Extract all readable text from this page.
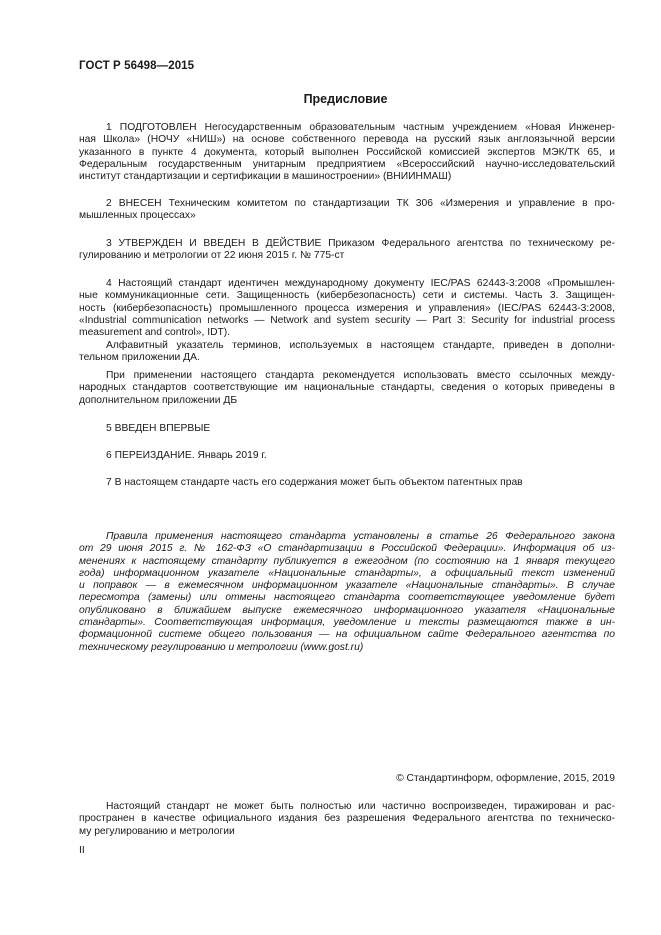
ГОСТ Р 56498—2015
Предисловие
1 ПОДГОТОВЛЕН Негосударственным образовательным частным учреждением «Новая Инженер-
ная Школа» (НОЧУ «НИШ») на основе собственного перевода на русский язык англоязычной версии
указанного в пункте 4 документа, который выполнен Российской комиссией экспертов МЭК/ТК 65, и
Федеральным государственным унитарным предприятием «Всероссийский научно-исследовательский
институт стандартизации и сертификации в машиностроении» (ВНИИНМАШ)
2 ВНЕСЕН Техническим комитетом по стандартизации ТК 306 «Измерения и управление в про-
мышленных процессах»
3 УТВЕРЖДЕН И ВВЕДЕН В ДЕЙСТВИЕ Приказом Федерального агентства по техническому ре-
гулированию и метрологии от 22 июня 2015 г. № 775-ст
4 Настоящий стандарт идентичен международному документу IEC/PAS 62443-3:2008 «Промышлен-
ные коммуникационные сети. Защищенность (кибербезопасность) сети и системы. Часть 3. Защищен-
ность (кибербезопасность) промышленного процесса измерения и управления» (IEC/PAS 62443-3:2008,
«Industrial communication networks — Network and system security — Part 3: Security for industrial process
measurement and control», IDT).
Алфавитный указатель терминов, используемых в настоящем стандарте, приведен в дополни-
тельном приложении ДА.
При применении настоящего стандарта рекомендуется использовать вместо ссылочных между-
народных стандартов соответствующие им национальные стандарты, сведения о которых приведены в
дополнительном приложении ДБ
5 ВВЕДЕН ВПЕРВЫЕ
6 ПЕРЕИЗДАНИЕ. Январь 2019 г.
7 В настоящем стандарте часть его содержания может быть объектом патентных прав
Правила применения настоящего стандарта установлены в статье 26 Федерального закона
от 29 июня 2015 г. № 162-ФЗ «О стандартизации в Российской Федерации». Информация об из-
менениях к настоящему стандарту публикуется в ежегодном (по состоянию на 1 января текущего
года) информационном указателе «Национальные стандарты», а официальный текст изменений
и поправок — в ежемесячном информационном указателе «Национальные стандарты». В случае
пересмотра (замены) или отмены настоящего стандарта соответствующее уведомление будет
опубликовано в ближайшем выпуске ежемесячного информационного указателя «Национальные
стандарты». Соответствующая информация, уведомление и тексты размещаются также в ин-
формационной системе общего пользования — на официальном сайте Федерального агентства по
техническому регулированию и метрологии (www.gost.ru)
Настоящий стандарт не может быть полностью или частично воспроизведен, тиражирован и рас-
пространен в качестве официального издания без разрешения Федерального агентства по техническо-
му регулированию и метрологии
© Стандартинформ, оформление, 2015, 2019
II
